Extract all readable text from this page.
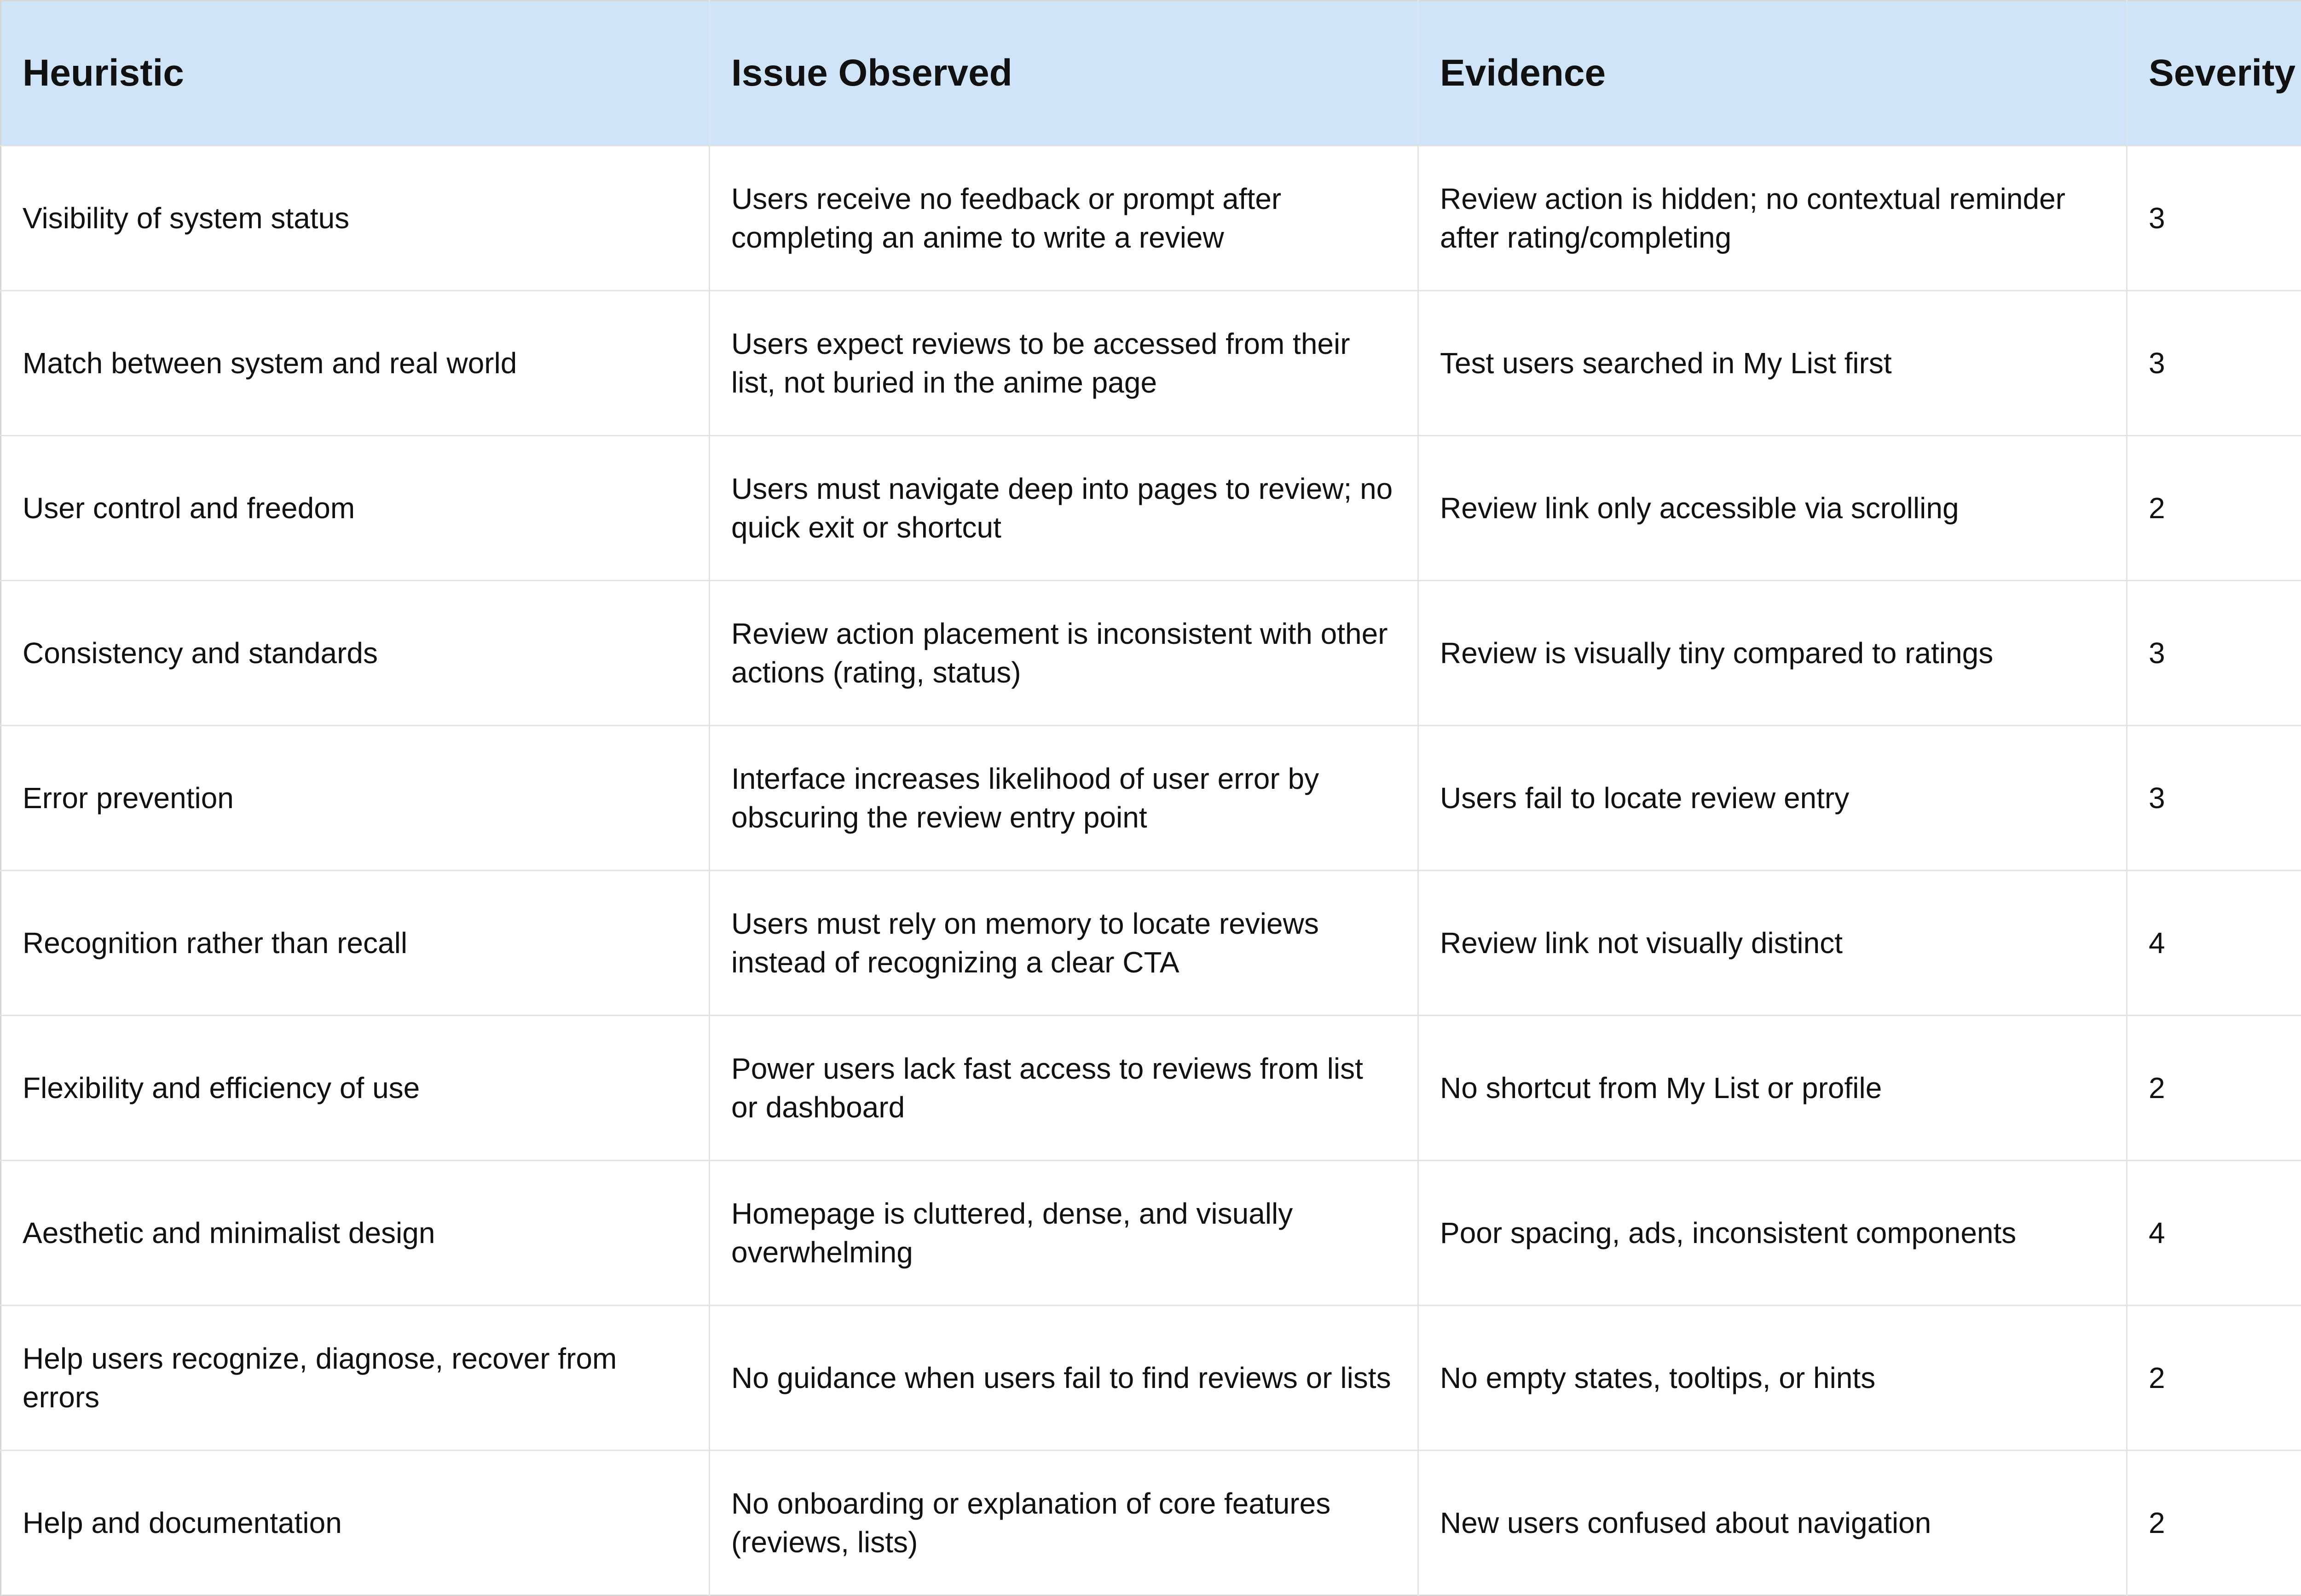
Heuristic	Issue Observed	Evidence	Severity
Visibility of system status	Users receive no feedback or prompt after completing an anime to write a review	Review action is hidden; no contextual reminder after rating/completing	3
Match between system and real world	Users expect reviews to be accessed from their list, not buried in the anime page	Test users searched in My List first	3
User control and freedom	Users must navigate deep into pages to review; no quick exit or shortcut	Review link only accessible via scrolling	2
Consistency and standards	Review action placement is inconsistent with other actions (rating, status)	Review is visually tiny compared to ratings	3
Error prevention	Interface increases likelihood of user error by obscuring the review entry point	Users fail to locate review entry	3
Recognition rather than recall	Users must rely on memory to locate reviews instead of recognizing a clear CTA	Review link not visually distinct	4
Flexibility and efficiency of use	Power users lack fast access to reviews from list or dashboard	No shortcut from My List or profile	2
Aesthetic and minimalist design	Homepage is cluttered, dense, and visually overwhelming	Poor spacing, ads, inconsistent components	4
Help users recognize, diagnose, recover from errors	No guidance when users fail to find reviews or lists	No empty states, tooltips, or hints	2
Help and documentation	No onboarding or explanation of core features (reviews, lists)	New users confused about navigation	2
